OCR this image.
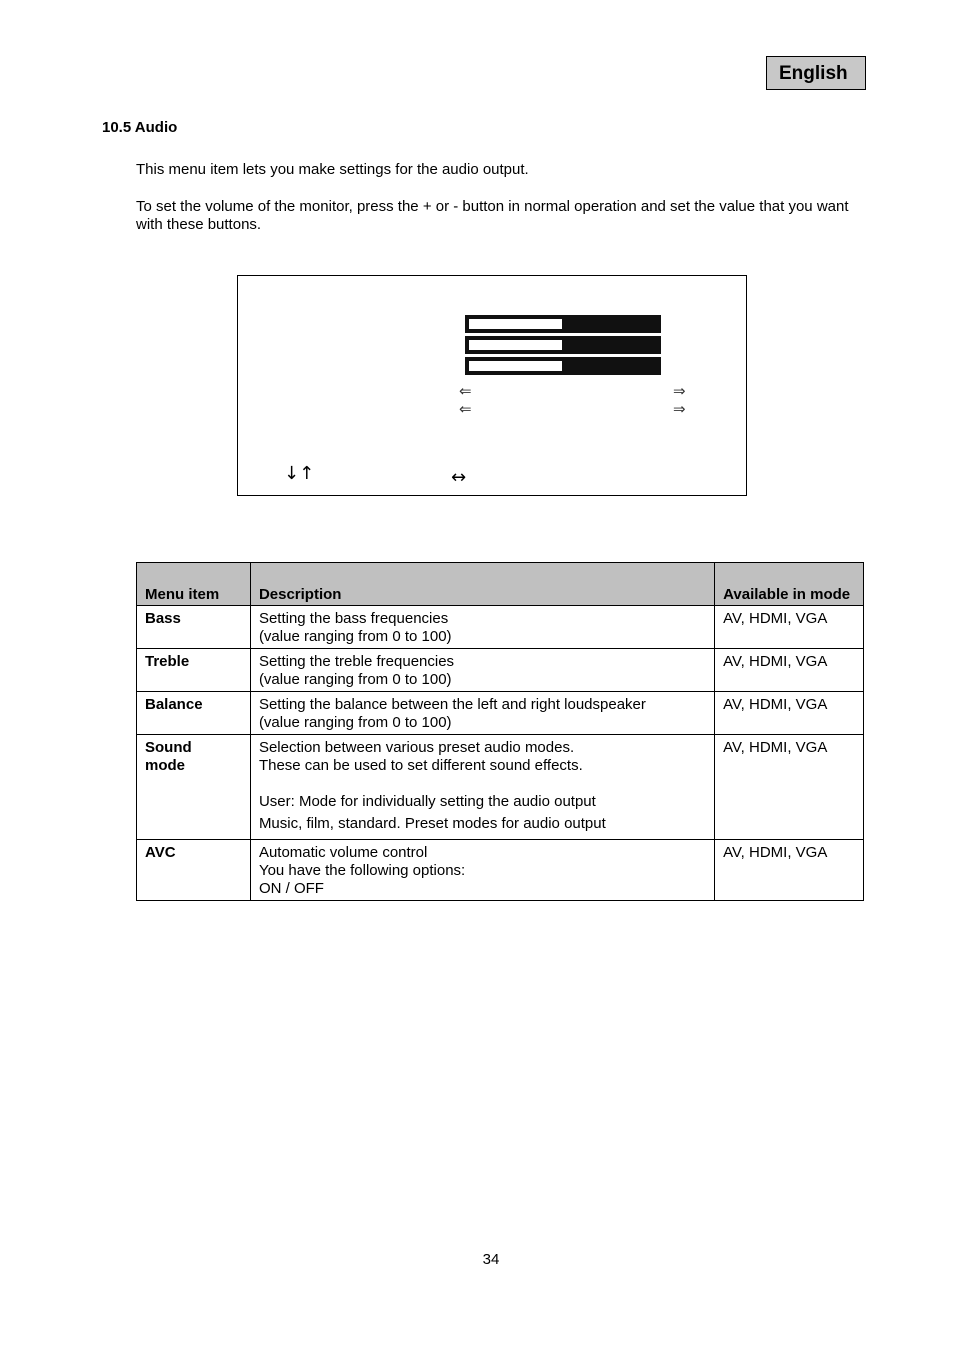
English
10.5 Audio
This menu item lets you make settings for the audio output.
To set the volume of the monitor, press the + or - button in normal operation and set the value that you want with these buttons.
⇐	⇒
⇐	⇒
↓↑	↔
Menu item	Description	Available in mode
Bass	Setting the bass frequencies
(value ranging from 0 to 100)	AV, HDMI, VGA
Treble	Setting the treble frequencies
(value ranging from 0 to 100)	AV, HDMI, VGA
Balance	Setting the balance between the left and right loudspeaker
(value ranging from 0 to 100)	AV, HDMI, VGA
Sound mode	Selection between various preset audio modes.
These can be used to set different sound effects.
User: Mode for individually setting the audio output
Music, film, standard. Preset modes for audio output	AV, HDMI, VGA
AVC	Automatic volume control
You have the following options:
ON / OFF	AV, HDMI, VGA
34
